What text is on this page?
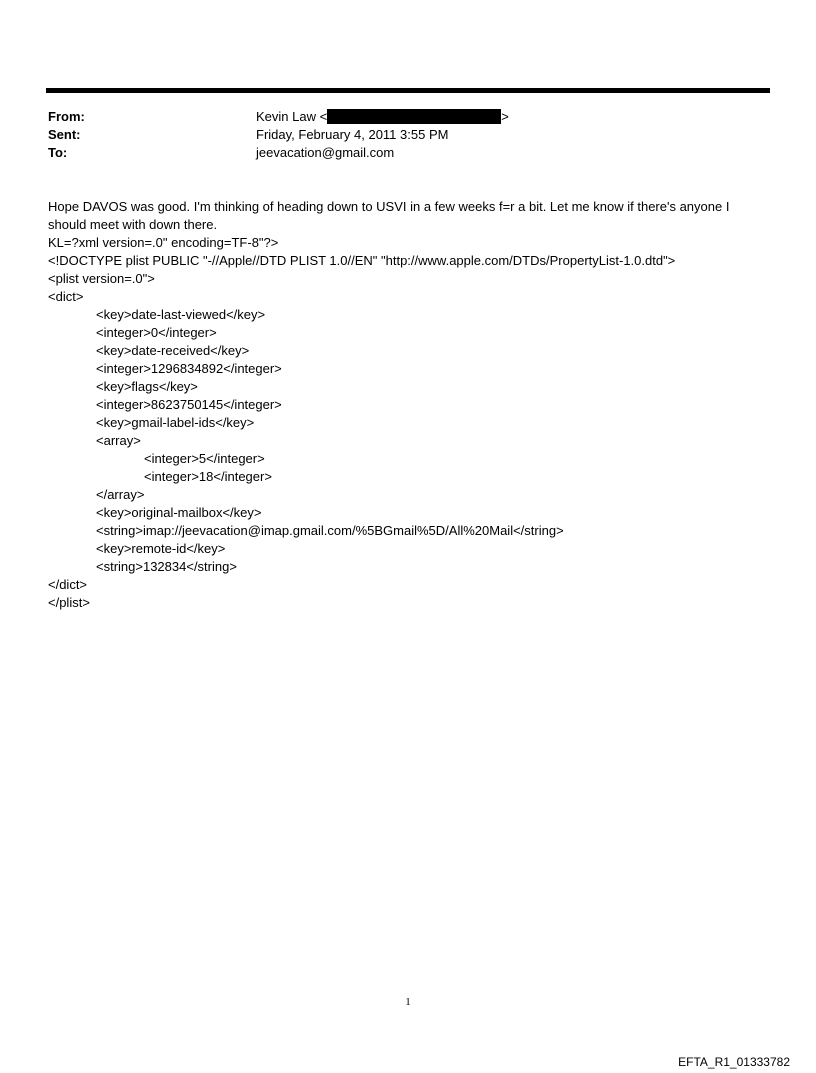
From:	Kevin Law <	>
Sent:	Friday, February 4, 2011 3:55 PM
To:	jeevacation@gmail.com

Hope DAVOS was good. I'm thinking of heading down to USVI in a few weeks f=r a bit. Let me know if there's anyone I should meet with down there.

KL=?xml version=.0" encoding=TF-8"?>
<!DOCTYPE plist PUBLIC "-//Apple//DTD PLIST 1.0//EN" "http://www.apple.com/DTDs/PropertyList-1.0.dtd">
<plist version=.0">
<dict>
<key>date-last-viewed</key>
<integer>0</integer>
<key>date-received</key>
<integer>1296834892</integer>
<key>flags</key>
<integer>8623750145</integer>
<key>gmail-label-ids</key>
<array>
<integer>5</integer>
<integer>18</integer>
</array>
<key>original-mailbox</key>
<string>imap://jeevacation@imap.gmail.com/%5BGmail%5D/All%20Mail</string>
<key>remote-id</key>
<string>132834</string>
</dict>
</plist>
1
EFTA_R1_01333782
